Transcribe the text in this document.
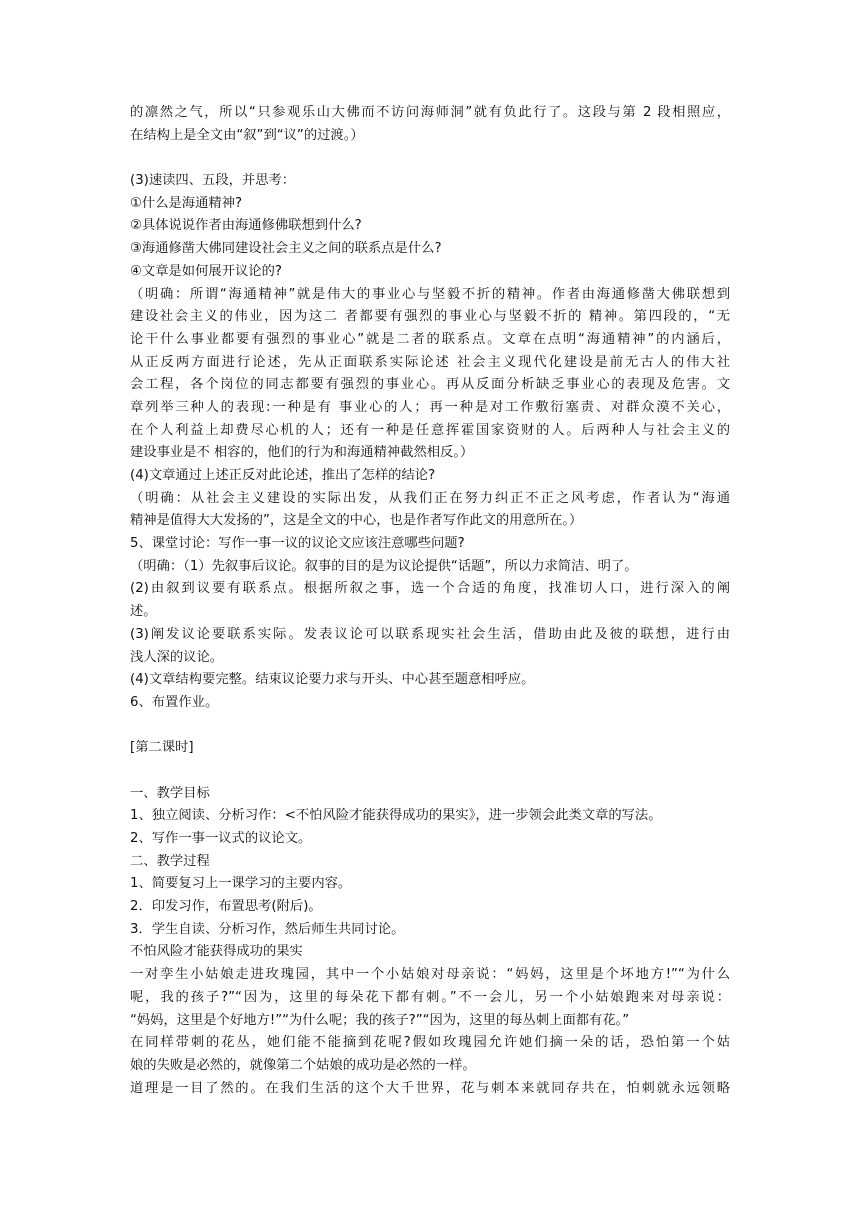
的凛然之气，所以“只参观乐山大佛而不访问海师洞”就有负此行了。这段与第 2 段相照应，
在结构上是全文由“叙”到“议”的过渡。）
(3)速读四、五段，并思考：
①什么是海通精神?
②具体说说作者由海通修佛联想到什么?
③海通修凿大佛同建设社会主义之间的联系点是什么?
④文章是如何展开议论的?
（明确：所谓“海通精神”就是伟大的事业心与坚毅不折的精神。作者由海通修凿大佛联想到
建设社会主义的伟业，因为这二 者都要有强烈的事业心与坚毅不折的 精神。第四段的，“无
论干什么事业都要有强烈的事业心”就是二者的联系点。文章在点明“海通精神”的内涵后，
从正反两方面进行论述，先从正面联系实际论述 社会主义现代化建设是前无古人的伟大社
会工程，各个岗位的同志都要有强烈的事业心。再从反面分析缺乏事业心的表现及危害。文
章列举三种人的表现:一种是有 事业心的人；再一种是对工作敷衍塞责、对群众漠不关心，
在个人利益上却费尽心机的人；还有一种是任意挥霍国家资财的人。后两种人与社会主义的
建设事业是不 相容的，他们的行为和海通精神截然相反。）
(4)文章通过上述正反对此论述，推出了怎样的结论?
（明确：从社会主义建设的实际出发，从我们正在努力纠正不正之风考虑，作者认为“海通
精神是值得大大发扬的”，这是全文的中心，也是作者写作此文的用意所在。）
5、课堂讨论：写作一事一议的议论文应该注意哪些问题?
（明确：（1）先叙事后议论。叙事的目的是为议论提供“话题”，所以力求简洁、明了。
(2)由叙到议要有联系点。根据所叙之事，选一个合适的角度，找准切人口，进行深入的阐
述。
(3)阐发议论要联系实际。发表议论可以联系现实社会生活，借助由此及彼的联想，进行由
浅人深的议论。
(4)文章结构要完整。结束议论要力求与开头、中心甚至题意相呼应。
6、布置作业。
[第二课时]
一、教学目标
1、独立阅读、分析习作：<不怕风险才能获得成功的果实》，进一步领会此类文章的写法。
2、写作一事一议式的议论文。
二、教学过程
1、简要复习上一课学习的主要内容。
2．印发习作，布置思考(附后)。
3．学生自读、分析习作，然后师生共同讨论。
不怕风险才能获得成功的果实
一对孪生小姑娘走进玫瑰园，其中一个小姑娘对母亲说：“妈妈，这里是个坏地方!”“为什么
呢，我的孩子?”“因为，这里的每朵花下都有刺。”不一会儿，另一个小姑娘跑来对母亲说：
“妈妈，这里是个好地方!”“为什么呢；我的孩子?”“因为，这里的每丛刺上面都有花。”
在同样带刺的花丛，她们能不能摘到花呢?假如玫瑰园允许她们摘一朵的话，恐怕第一个姑
娘的失败是必然的，就像第二个姑娘的成功是必然的一样。
道理是一目了然的。在我们生活的这个大千世界，花与刺本来就同存共在，怕刺就永远领略
